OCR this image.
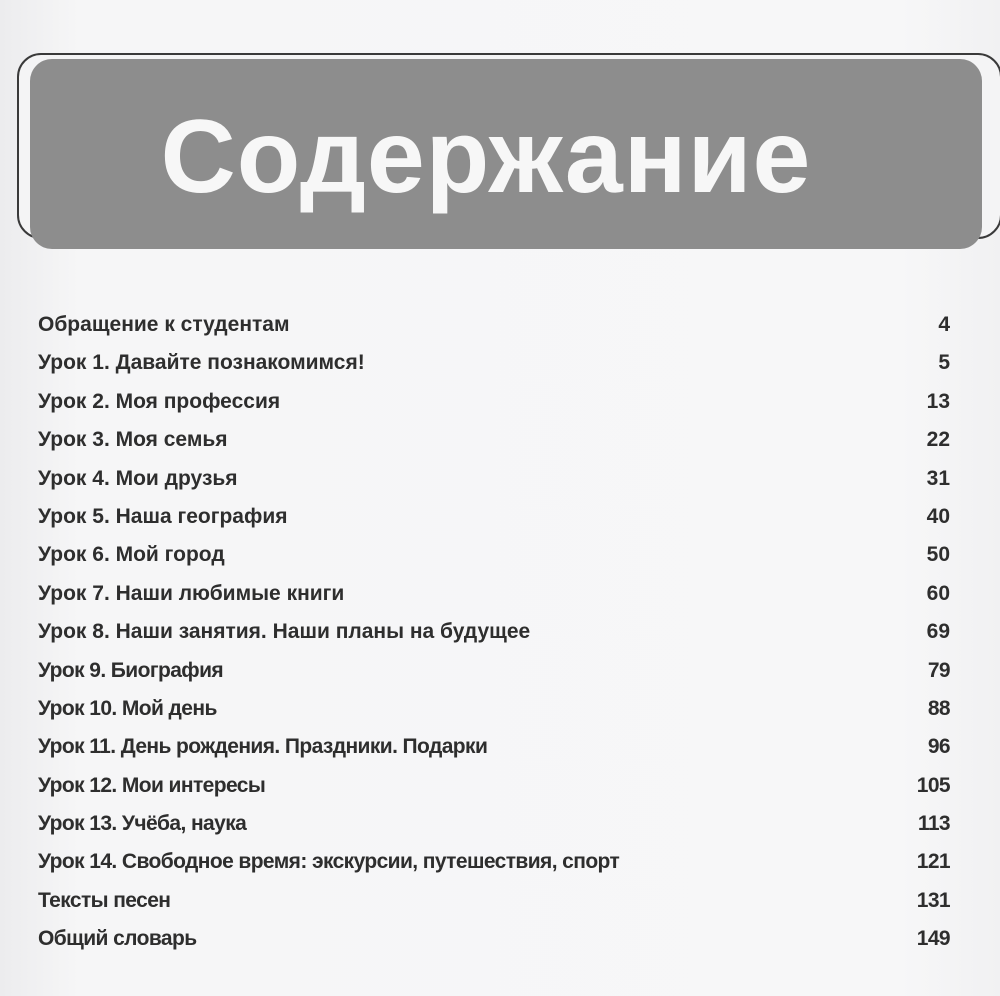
Содержание
Обращение к студентам	4
Урок 1. Давайте познакомимся!	5
Урок 2. Моя профессия	13
Урок 3. Моя семья	22
Урок 4. Мои друзья	31
Урок 5. Наша география	40
Урок 6. Мой город	50
Урок 7. Наши любимые книги	60
Урок 8. Наши занятия. Наши планы на будущее	69
Урок 9. Биография	79
Урок 10. Мой день	88
Урок 11. День рождения. Праздники. Подарки	96
Урок 12. Мои интересы	105
Урок 13. Учёба, наука	113
Урок 14. Свободное время: экскурсии, путешествия, спорт	121
Тексты песен	131
Общий словарь	149
